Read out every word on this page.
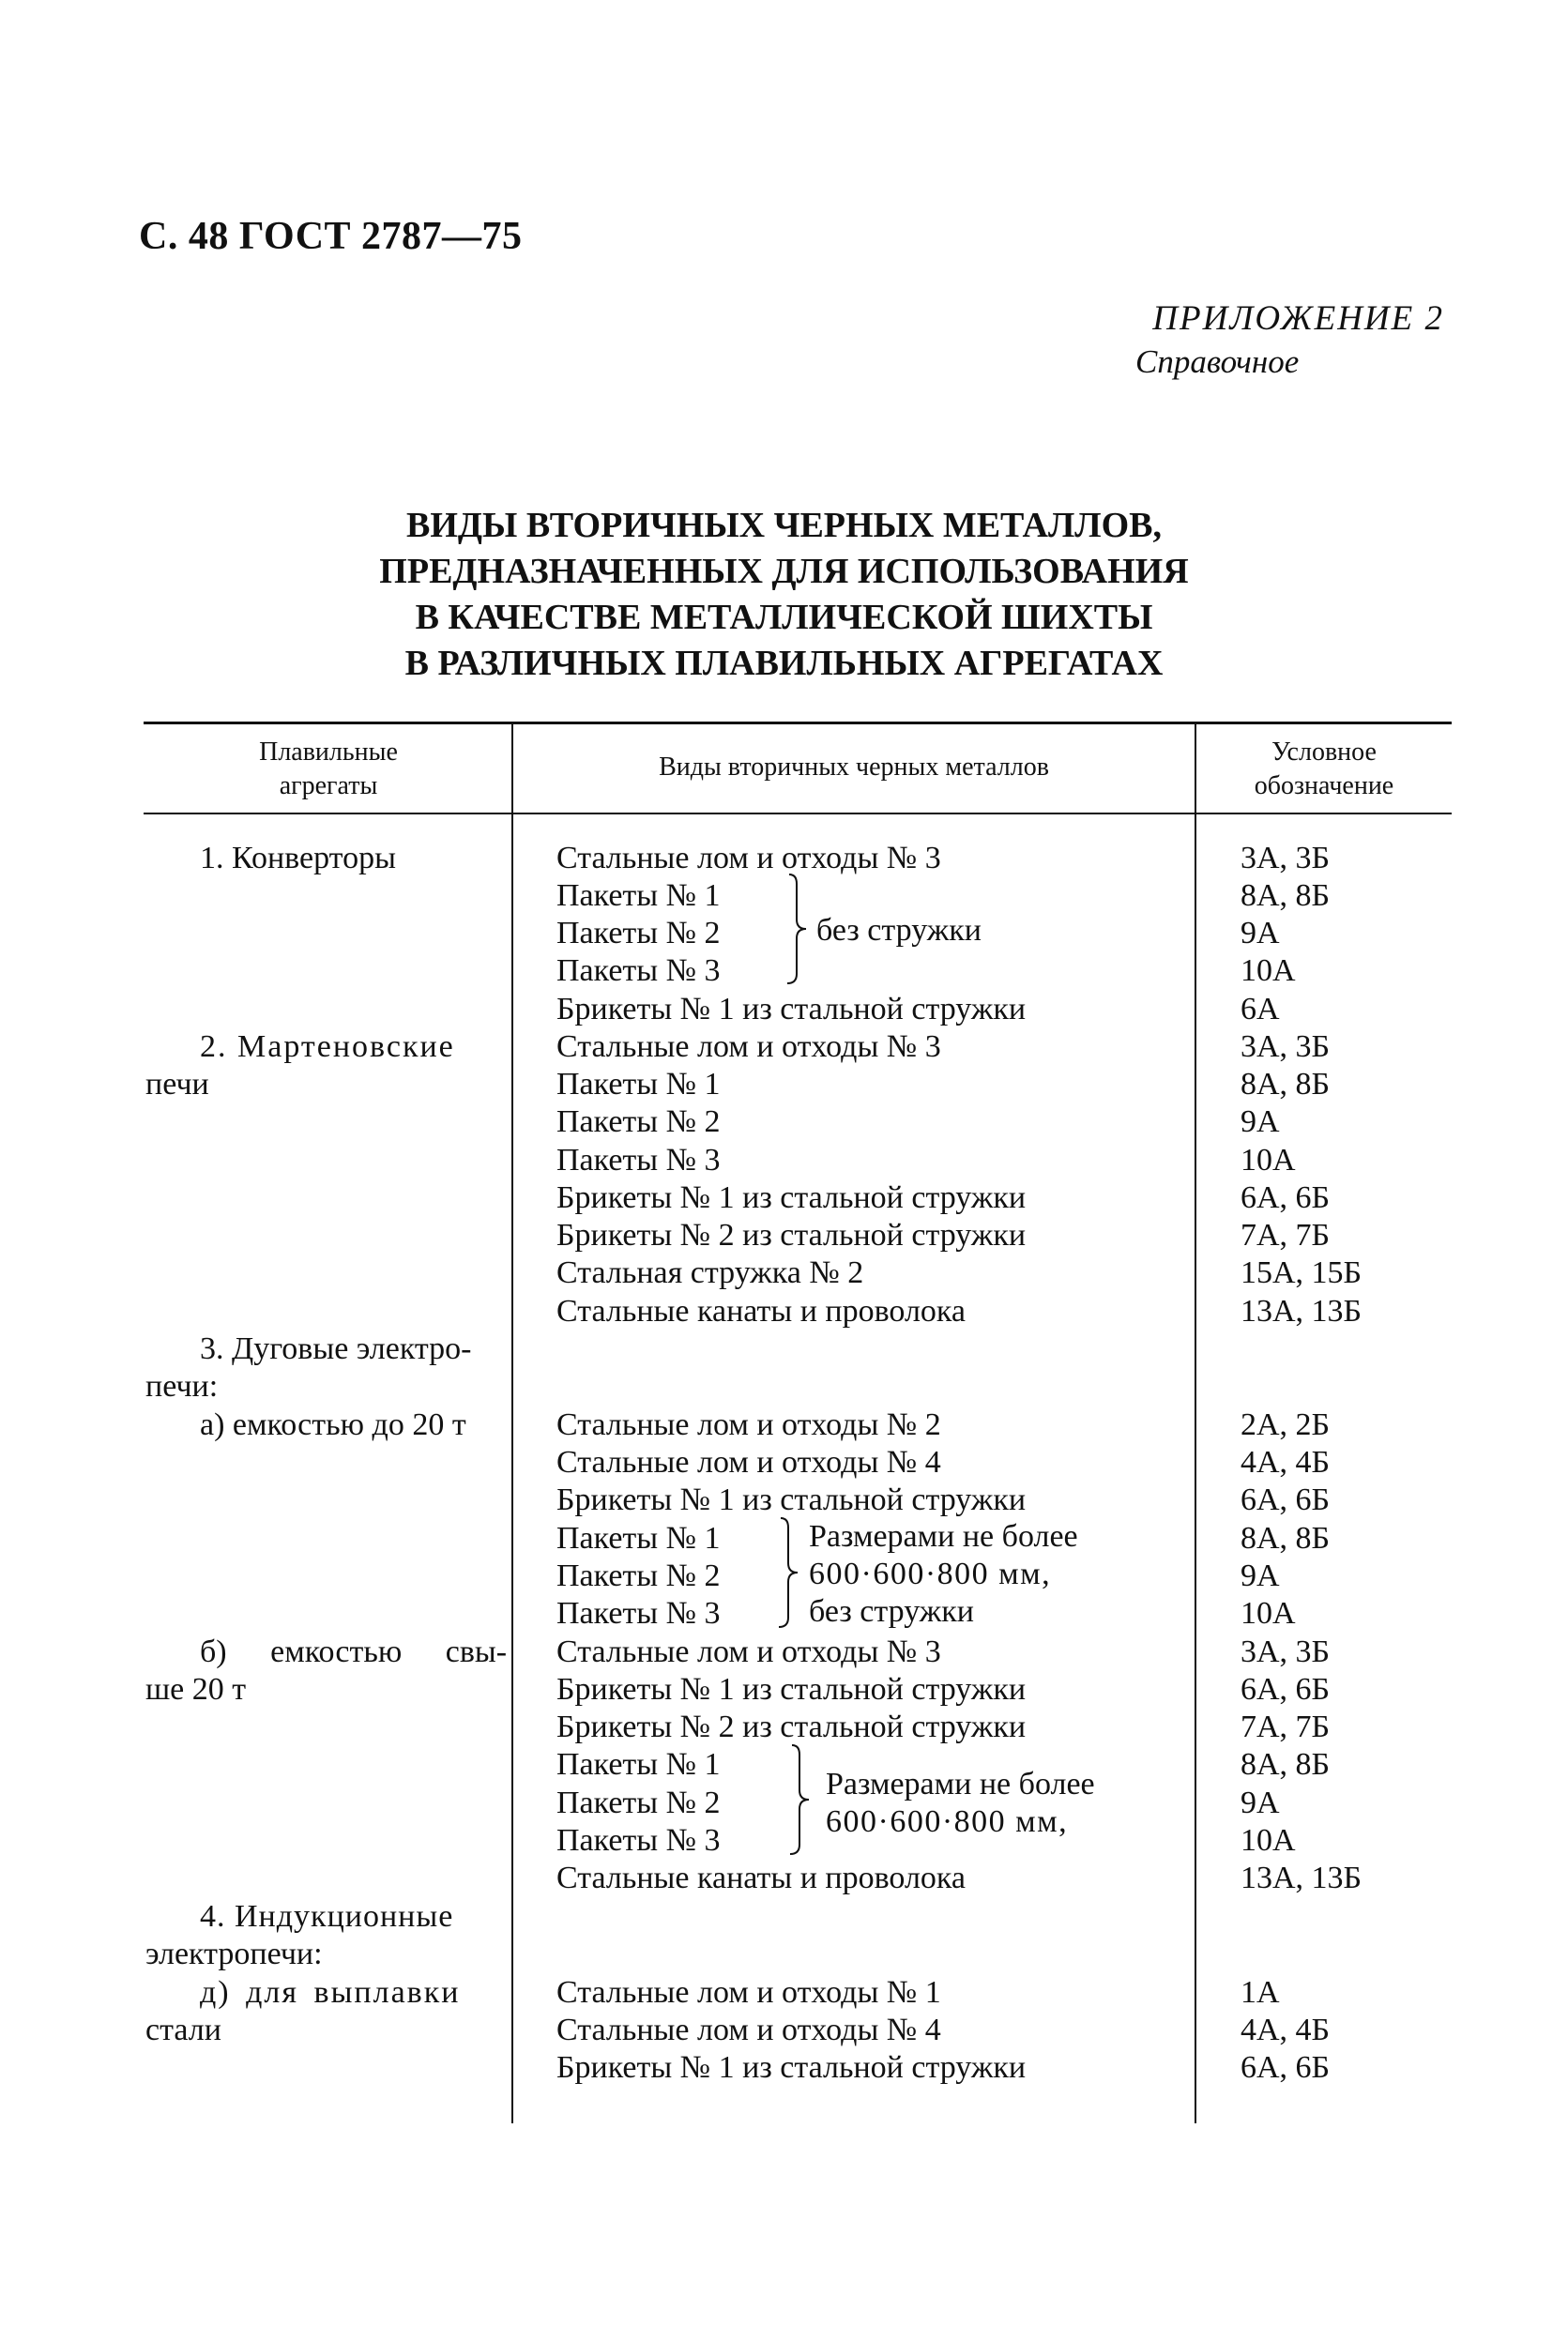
С. 48 ГОСТ 2787—75
ПРИЛОЖЕНИЕ 2
Справочное
ВИДЫ ВТОРИЧНЫХ ЧЕРНЫХ МЕТАЛЛОВ,
ПРЕДНАЗНАЧЕННЫХ ДЛЯ ИСПОЛЬЗОВАНИЯ
В КАЧЕСТВЕ МЕТАЛЛИЧЕСКОЙ ШИХТЫ
В РАЗЛИЧНЫХ ПЛАВИЛЬНЫХ АГРЕГАТАХ
Плавильные
агрегаты
Виды вторичных черных металлов
Условное
обозначение
1. Конверторы
2. Мартеновские
печи
3. Дуговые электро-
печи:
а) емкостью до 20 т
б) емкостью свы-
ше 20 т
4. Индукционные
электропечи:
д) для выплавки
стали
Стальные лом и отходы № 3
Пакеты № 1
Пакеты № 2
Пакеты № 3
Брикеты № 1 из стальной стружки
Стальные лом и отходы № 3
Пакеты № 1
Пакеты № 2
Пакеты № 3
Брикеты № 1 из стальной стружки
Брикеты № 2 из стальной стружки
Стальная стружка № 2
Стальные канаты и проволока
Стальные лом и отходы № 2
Стальные лом и отходы № 4
Брикеты № 1 из стальной стружки
Пакеты № 1
Пакеты № 2
Пакеты № 3
Стальные лом и отходы № 3
Брикеты № 1 из стальной стружки
Брикеты № 2 из стальной стружки
Пакеты № 1
Пакеты № 2
Пакеты № 3
Стальные канаты и проволока
Стальные лом и отходы № 1
Стальные лом и отходы № 4
Брикеты № 1 из стальной стружки
без стружки
Размерами не более
600·600·800 мм,
без стружки
Размерами не более
600·600·800 мм,
3А, 3Б
8А, 8Б
9А
10А
6А
3А, 3Б
8А, 8Б
9А
10А
6А, 6Б
7А, 7Б
15А, 15Б
13А, 13Б
2А, 2Б
4А, 4Б
6А, 6Б
8А, 8Б
9А
10А
3А, 3Б
6А, 6Б
7А, 7Б
8А, 8Б
9А
10А
13А, 13Б
1А
4А, 4Б
6А, 6Б
